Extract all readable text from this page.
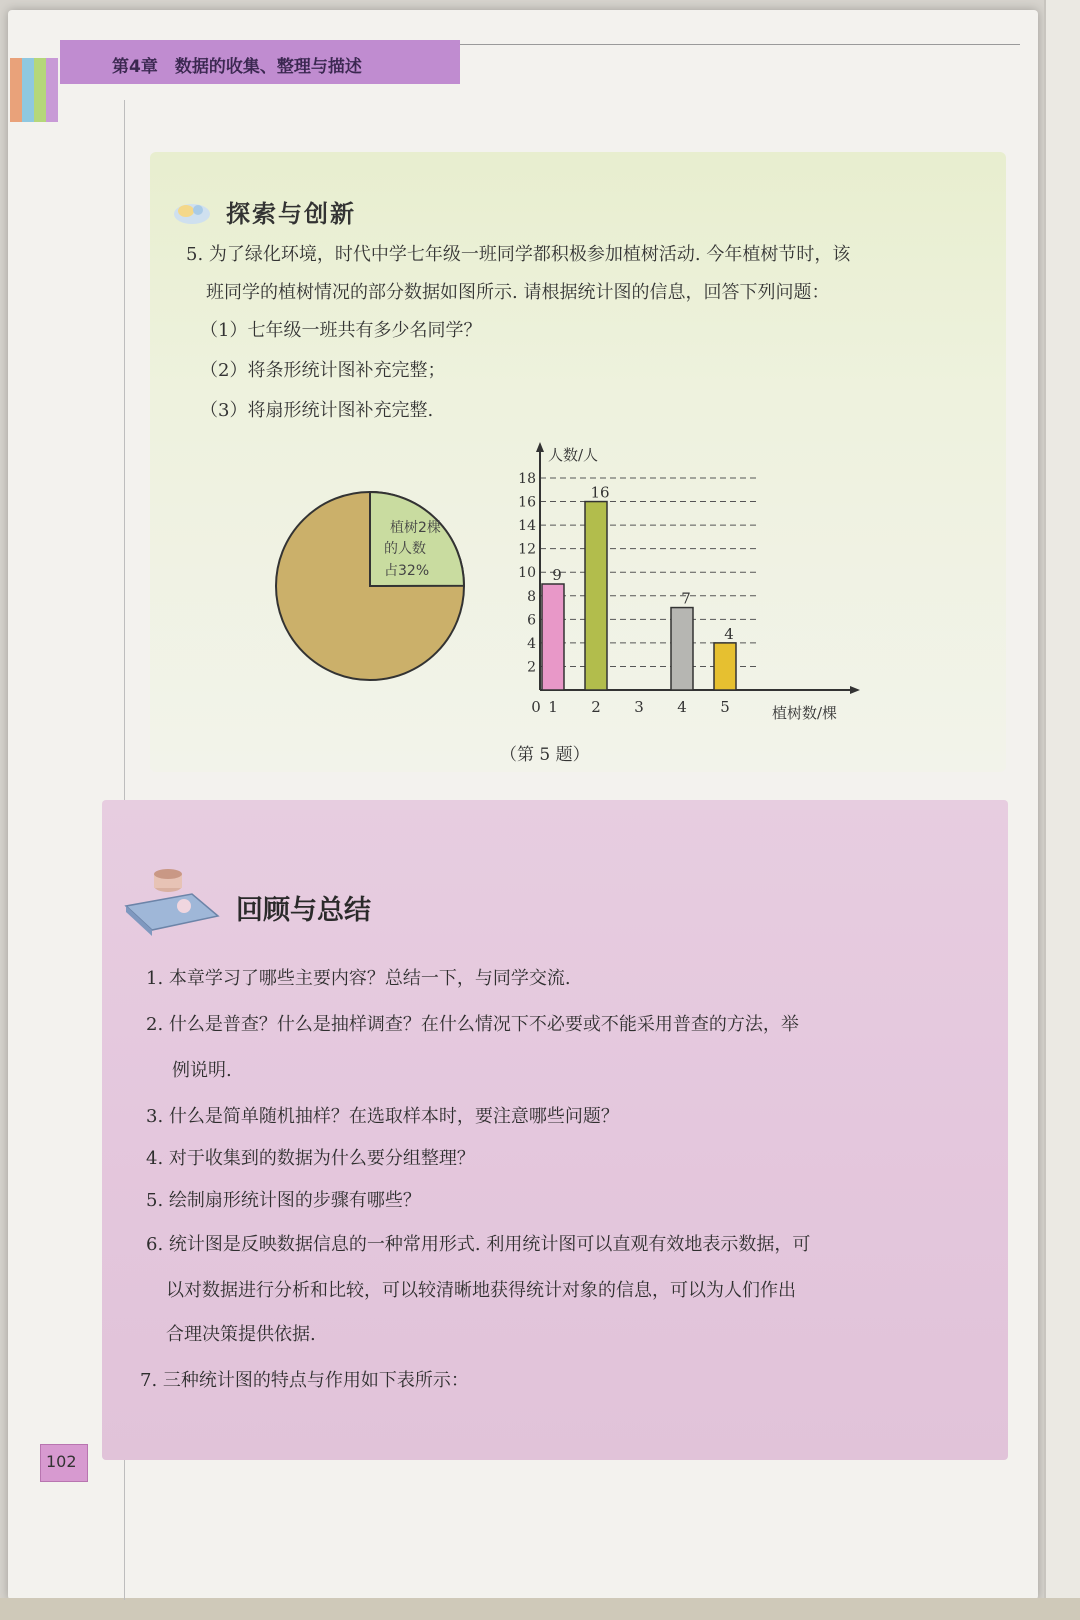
第4章　数据的收集、整理与描述
探索与创新
5. 为了绿化环境，时代中学七年级一班同学都积极参加植树活动. 今年植树节时，该
班同学的植树情况的部分数据如图所示. 请根据统计图的信息，回答下列问题：
（1）七年级一班共有多少名同学？
（2）将条形统计图补充完整；
（3）将扇形统计图补充完整.
植树2棵
的人数
占32%
人数/人
植树数/棵
2
4
6
8
10
12
14
16
18
0 1 2 3 4 5
9
16
7
4
（第 5 题）
回顾与总结
1. 本章学习了哪些主要内容？总结一下，与同学交流.
2. 什么是普查？什么是抽样调查？在什么情况下不必要或不能采用普查的方法，举
例说明.
3. 什么是简单随机抽样？在选取样本时，要注意哪些问题？
4. 对于收集到的数据为什么要分组整理？
5. 绘制扇形统计图的步骤有哪些？
6. 统计图是反映数据信息的一种常用形式. 利用统计图可以直观有效地表示数据，可
以对数据进行分析和比较，可以较清晰地获得统计对象的信息，可以为人们作出
合理决策提供依据.
7. 三种统计图的特点与作用如下表所示：
102
